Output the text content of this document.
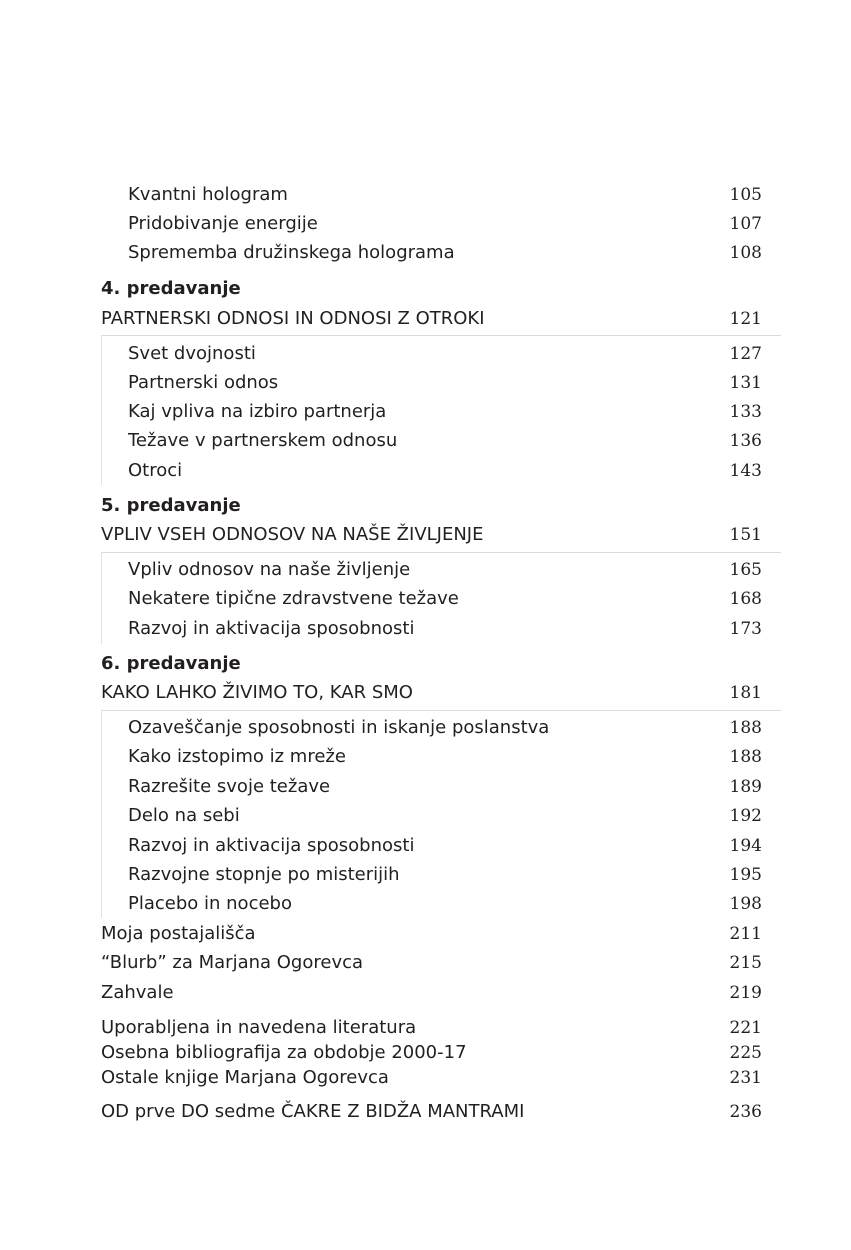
Kvantni hologram	105
Pridobivanje energije	107
Sprememba družinskega holograma	108
4. predavanje
PARTNERSKI ODNOSI IN ODNOSI Z OTROKI	121
Svet dvojnosti	127
Partnerski odnos	131
Kaj vpliva na izbiro partnerja	133
Težave v partnerskem odnosu	136
Otroci	143
5. predavanje
VPLIV VSEH ODNOSOV NA NAŠE ŽIVLJENJE	151
Vpliv odnosov na naše življenje	165
Nekatere tipične zdravstvene težave	168
Razvoj in aktivacija sposobnosti	173
6. predavanje
KAKO LAHKO ŽIVIMO TO, KAR SMO	181
Ozaveščanje sposobnosti in iskanje poslanstva	188
Kako izstopimo iz mreže	188
Razrešite svoje težave	189
Delo na sebi	192
Razvoj in aktivacija sposobnosti	194
Razvojne stopnje po misterijih	195
Placebo in nocebo	198
Moja postajališča	211
“Blurb” za Marjana Ogorevca	215
Zahvale	219
Uporabljena in navedena literatura	221
Osebna bibliografija za obdobje 2000-17	225
Ostale knjige Marjana Ogorevca	231
OD prve DO sedme ČAKRE Z BIDŽA MANTRAMI	236
